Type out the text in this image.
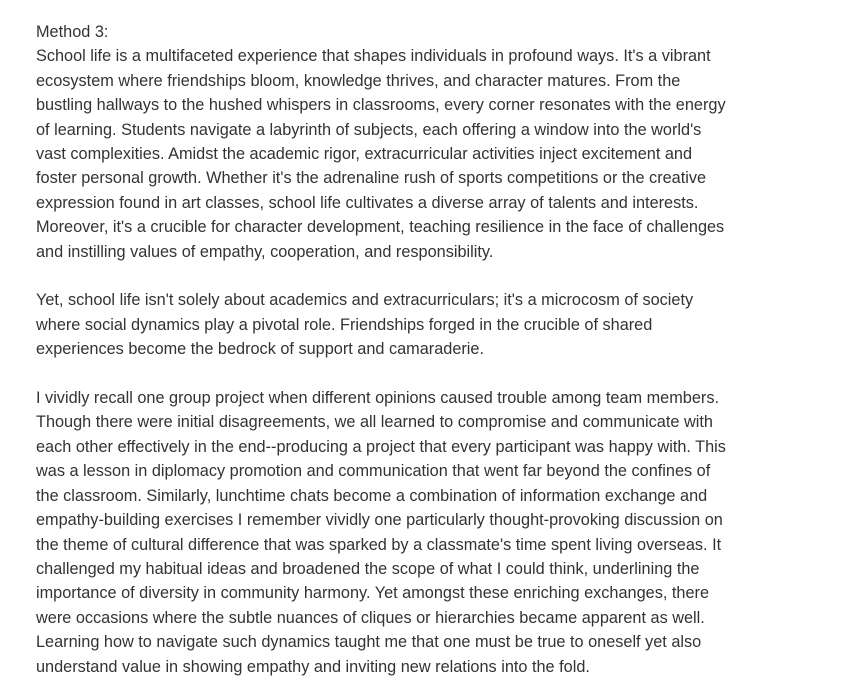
Method 3:

School life is a multifaceted experience that shapes individuals in profound ways. It's a vibrant
ecosystem where friendships bloom, knowledge thrives, and character matures. From the
bustling hallways to the hushed whispers in classrooms, every corner resonates with the energy
of learning. Students navigate a labyrinth of subjects, each offering a window into the world's
vast complexities. Amidst the academic rigor, extracurricular activities inject excitement and
foster personal growth. Whether it's the adrenaline rush of sports competitions or the creative
expression found in art classes, school life cultivates a diverse array of talents and interests.
Moreover, it's a crucible for character development, teaching resilience in the face of challenges
and instilling values of empathy, cooperation, and responsibility.

Yet, school life isn't solely about academics and extracurriculars; it's a microcosm of society
where social dynamics play a pivotal role. Friendships forged in the crucible of shared
experiences become the bedrock of support and camaraderie.

I vividly recall one group project when different opinions caused trouble among team members.
Though there were initial disagreements, we all learned to compromise and communicate with
each other effectively in the end--producing a project that every participant was happy with. This
was a lesson in diplomacy promotion and communication that went far beyond the confines of
the classroom. Similarly, lunchtime chats become a combination of information exchange and
empathy-building exercises I remember vividly one particularly thought-provoking discussion on
the theme of cultural difference that was sparked by a classmate's time spent living overseas. It
challenged my habitual ideas and broadened the scope of what I could think, underlining the
importance of diversity in community harmony. Yet amongst these enriching exchanges, there
were occasions where the subtle nuances of cliques or hierarchies became apparent as well.
Learning how to navigate such dynamics taught me that one must be true to oneself yet also
understand value in showing empathy and inviting new relations into the fold.
